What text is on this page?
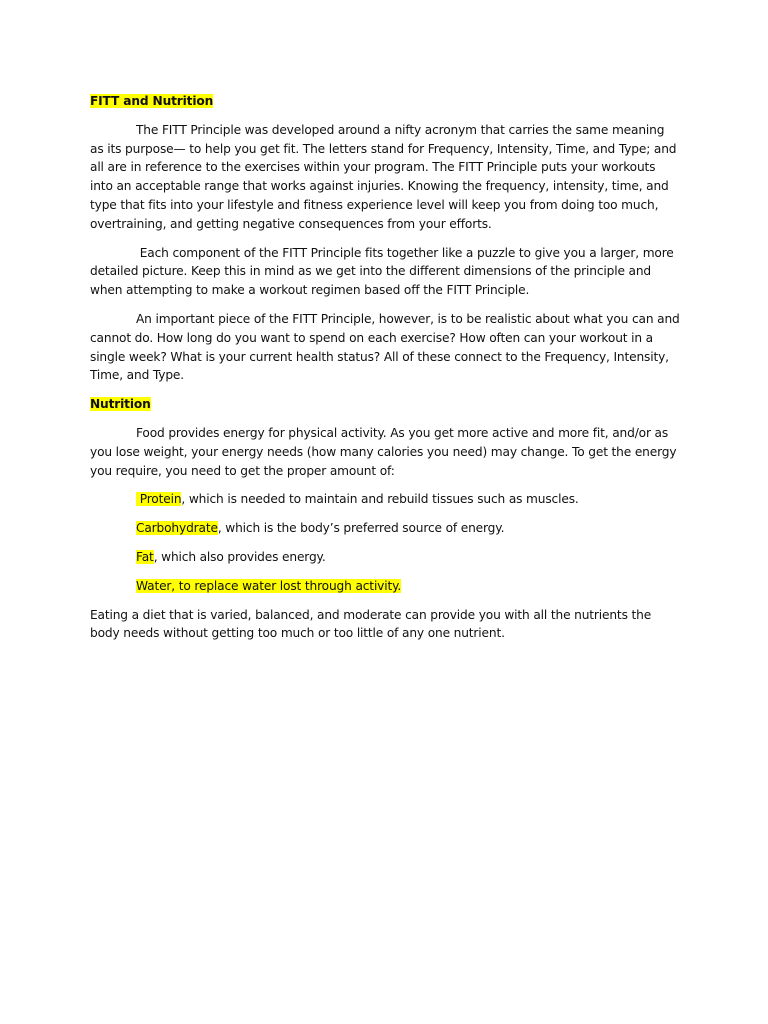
FITT and Nutrition

The FITT Principle was developed around a nifty acronym that carries the same meaning as its purpose— to help you get fit. The letters stand for Frequency, Intensity, Time, and Type; and all are in reference to the exercises within your program. The FITT Principle puts your workouts into an acceptable range that works against injuries. Knowing the frequency, intensity, time, and type that fits into your lifestyle and fitness experience level will keep you from doing too much, overtraining, and getting negative consequences from your efforts.

Each component of the FITT Principle fits together like a puzzle to give you a larger, more detailed picture. Keep this in mind as we get into the different dimensions of the principle and when attempting to make a workout regimen based off the FITT Principle.

An important piece of the FITT Principle, however, is to be realistic about what you can and cannot do. How long do you want to spend on each exercise? How often can your workout in a single week? What is your current health status? All of these connect to the Frequency, Intensity, Time, and Type.

Nutrition

Food provides energy for physical activity. As you get more active and more fit, and/or as you lose weight, your energy needs (how many calories you need) may change. To get the energy you require, you need to get the proper amount of:

Protein, which is needed to maintain and rebuild tissues such as muscles.

Carbohydrate, which is the body’s preferred source of energy.

Fat, which also provides energy.

Water, to replace water lost through activity.

Eating a diet that is varied, balanced, and moderate can provide you with all the nutrients the body needs without getting too much or too little of any one nutrient.
